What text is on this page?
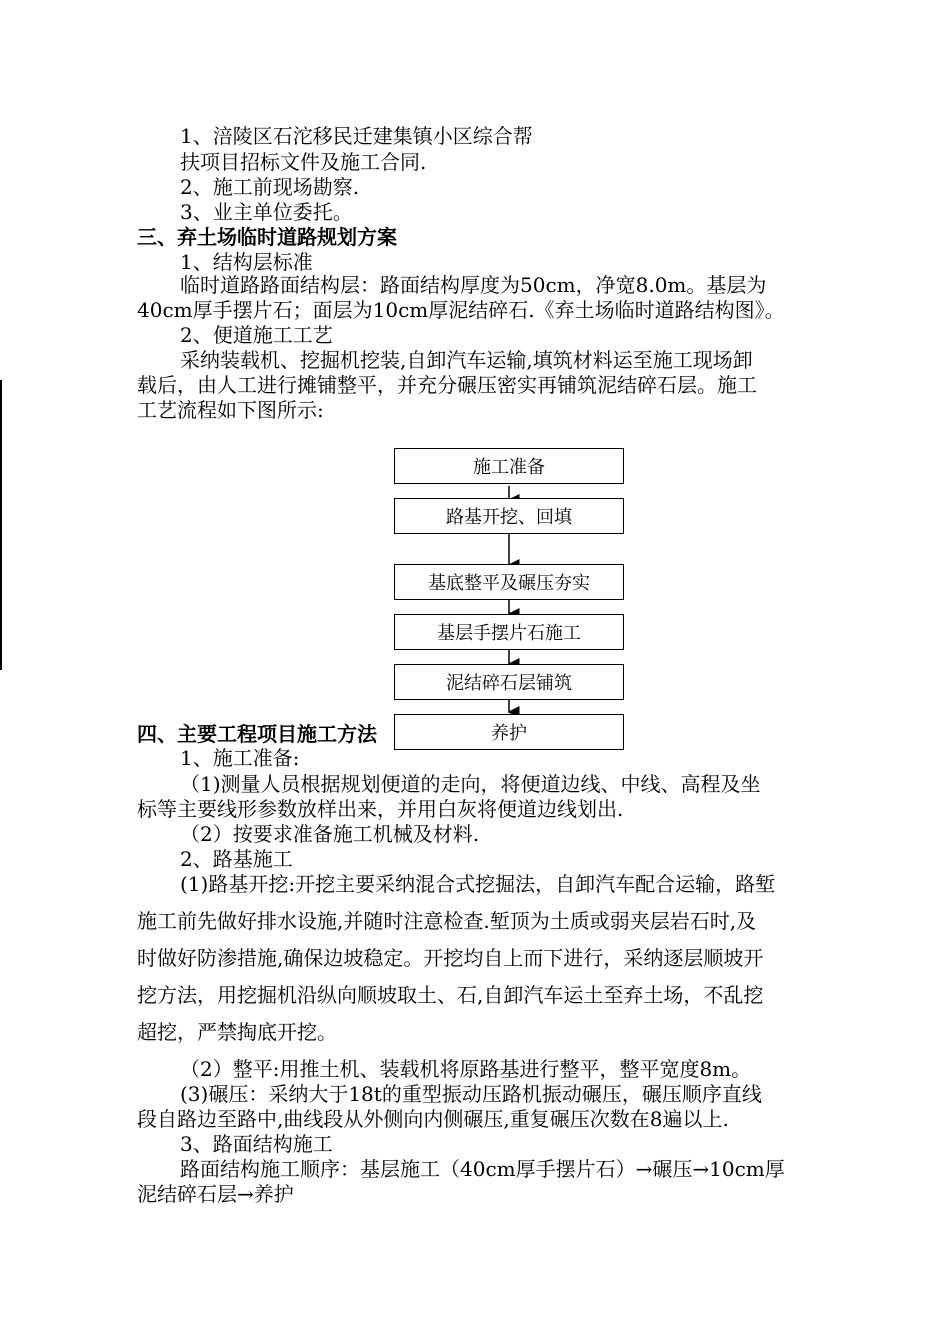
1、涪陵区石沱移民迁建集镇小区综合帮
扶项目招标文件及施工合同.
2、施工前现场勘察.
3、业主单位委托。
三、弃土场临时道路规划方案
1、结构层标准
临时道路路面结构层：路面结构厚度为50cm，净宽8.0m。基层为
40cm厚手摆片石；面层为10cm厚泥结碎石.《弃土场临时道路结构图》。
2、便道施工工艺
采纳装载机、挖掘机挖装,自卸汽车运输,填筑材料运至施工现场卸
载后，由人工进行摊铺整平，并充分碾压密实再铺筑泥结碎石层。施工
工艺流程如下图所示:
施工准备
路基开挖、回填
基底整平及碾压夯实
基层手摆片石施工
泥结碎石层铺筑
养护
四、主要工程项目施工方法
1、施工准备:
（1)测量人员根据规划便道的走向，将便道边线、中线、高程及坐
标等主要线形参数放样出来，并用白灰将便道边线划出.
（2）按要求准备施工机械及材料.
2、路基施工
(1)路基开挖:开挖主要采纳混合式挖掘法，自卸汽车配合运输，路堑
施工前先做好排水设施,并随时注意检查.堑顶为土质或弱夹层岩石时,及
时做好防渗措施,确保边坡稳定。开挖均自上而下进行，采纳逐层顺坡开
挖方法，用挖掘机沿纵向顺坡取土、石,自卸汽车运土至弃土场，不乱挖
超挖，严禁掏底开挖。
（2）整平:用推土机、装载机将原路基进行整平，整平宽度8m。
(3)碾压：采纳大于18t的重型振动压路机振动碾压，碾压顺序直线
段自路边至路中,曲线段从外侧向内侧碾压,重复碾压次数在8遍以上.
3、路面结构施工
路面结构施工顺序：基层施工（40cm厚手摆片石）→碾压→10cm厚
泥结碎石层→养护
